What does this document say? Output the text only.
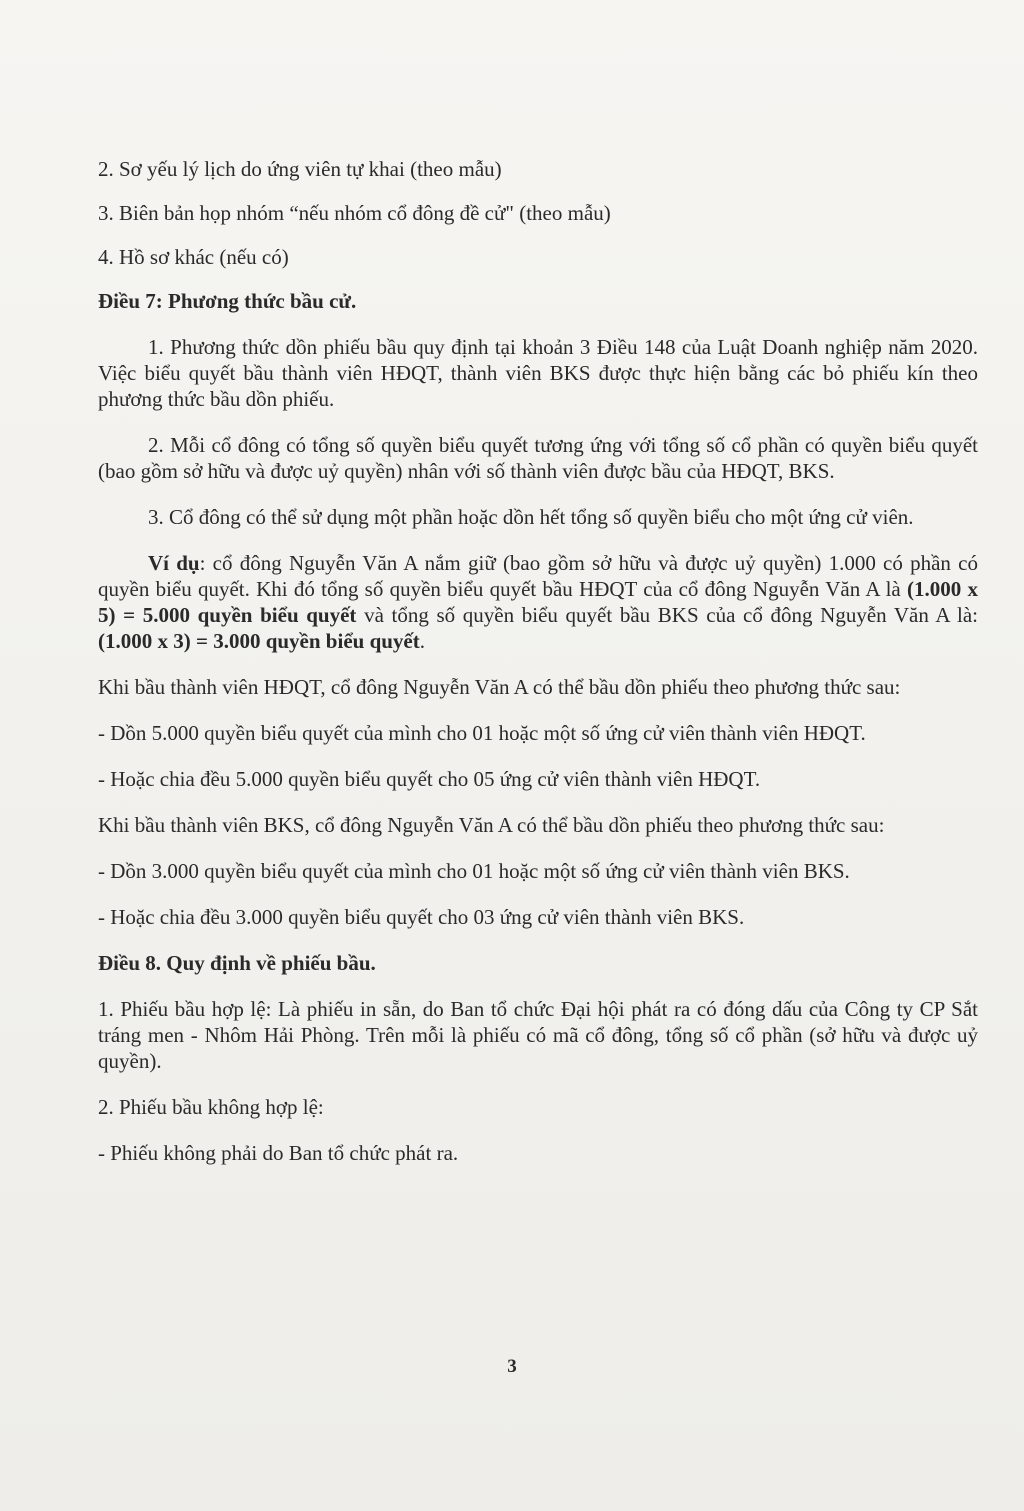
2. Sơ yếu lý lịch do ứng viên tự khai (theo mẫu)

3. Biên bản họp nhóm “nếu nhóm cổ đông đề cử" (theo mẫu)

4. Hồ sơ khác (nếu có)

Điều 7: Phương thức bầu cử.

1. Phương thức dồn phiếu bầu quy định tại khoản 3 Điều 148 của Luật Doanh nghiệp năm 2020. Việc biểu quyết bầu thành viên HĐQT, thành viên BKS được thực hiện bằng các bỏ phiếu kín theo phương thức bầu dồn phiếu.

2. Mỗi cổ đông có tổng số quyền biểu quyết tương ứng với tổng số cổ phần có quyền biểu quyết (bao gồm sở hữu và được uỷ quyền) nhân với số thành viên được bầu của HĐQT, BKS.

3. Cổ đông có thể sử dụng một phần hoặc dồn hết tổng số quyền biểu cho một ứng cử viên.

Ví dụ: cổ đông Nguyễn Văn A nắm giữ (bao gồm sở hữu và được uỷ quyền) 1.000 có phần có quyền biểu quyết. Khi đó tổng số quyền biểu quyết bầu HĐQT của cổ đông Nguyễn Văn A là (1.000 x 5) = 5.000 quyền biểu quyết và tổng số quyền biểu quyết bầu BKS của cổ đông Nguyễn Văn A là: (1.000 x 3) = 3.000 quyền biểu quyết.

Khi bầu thành viên HĐQT, cổ đông Nguyễn Văn A có thể bầu dồn phiếu theo phương thức sau:

- Dồn 5.000 quyền biểu quyết của mình cho 01 hoặc một số ứng cử viên thành viên HĐQT.

- Hoặc chia đều 5.000 quyền biểu quyết cho 05 ứng cử viên thành viên HĐQT.

Khi bầu thành viên BKS, cổ đông Nguyễn Văn A có thể bầu dồn phiếu theo phương thức sau:

- Dồn 3.000 quyền biểu quyết của mình cho 01 hoặc một số ứng cử viên thành viên BKS.

- Hoặc chia đều 3.000 quyền biểu quyết cho 03 ứng cử viên thành viên BKS.

Điều 8. Quy định về phiếu bầu.

1. Phiếu bầu hợp lệ: Là phiếu in sẵn, do Ban tổ chức Đại hội phát ra có đóng dấu của Công ty CP Sắt tráng men - Nhôm Hải Phòng. Trên mỗi là phiếu có mã cổ đông, tổng số cổ phần (sở hữu và được uỷ quyền).

2. Phiếu bầu không hợp lệ:

- Phiếu không phải do Ban tổ chức phát ra.

3
